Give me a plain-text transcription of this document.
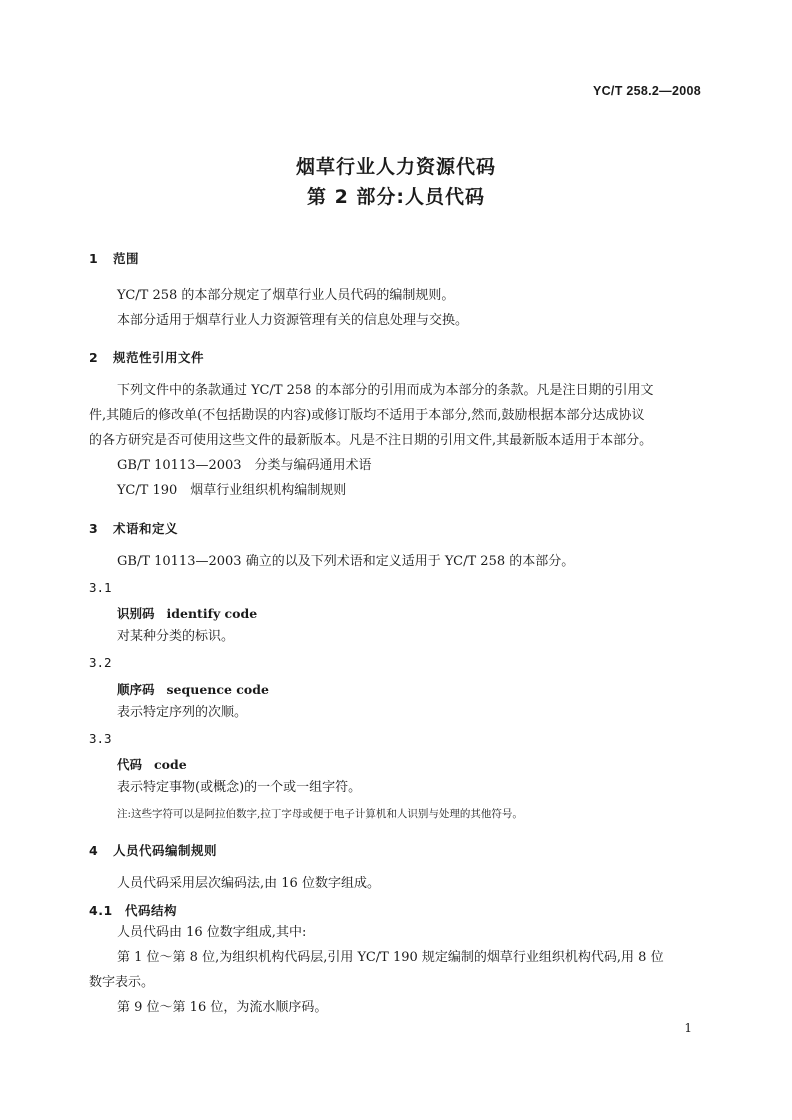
YC/T 258.2—2008
烟草行业人力资源代码
第 2 部分:人员代码
1 范围
YC/T 258 的本部分规定了烟草行业人员代码的编制规则。
本部分适用于烟草行业人力资源管理有关的信息处理与交换。
2 规范性引用文件
下列文件中的条款通过 YC/T 258 的本部分的引用而成为本部分的条款。凡是注日期的引用文
件,其随后的修改单(不包括勘误的内容)或修订版均不适用于本部分,然而,鼓励根据本部分达成协议
的各方研究是否可使用这些文件的最新版本。凡是不注日期的引用文件,其最新版本适用于本部分。
GB/T 10113—2003　分类与编码通用术语
YC/T 190　烟草行业组织机构编制规则
3 术语和定义
GB/T 10113—2003 确立的以及下列术语和定义适用于 YC/T 258 的本部分。
3.1
识别码 identify code
对某种分类的标识。
3.2
顺序码 sequence code
表示特定序列的次顺。
3.3
代码 code
表示特定事物(或概念)的一个或一组字符。
注:这些字符可以是阿拉伯数字,拉丁字母或便于电子计算机和人识别与处理的其他符号。
4 人员代码编制规则
人员代码采用层次编码法,由 16 位数字组成。
4.1 代码结构
人员代码由 16 位数字组成,其中:
第 1 位～第 8 位,为组织机构代码层,引用 YC/T 190 规定编制的烟草行业组织机构代码,用 8 位
数字表示。
第 9 位～第 16 位，为流水顺序码。
1
